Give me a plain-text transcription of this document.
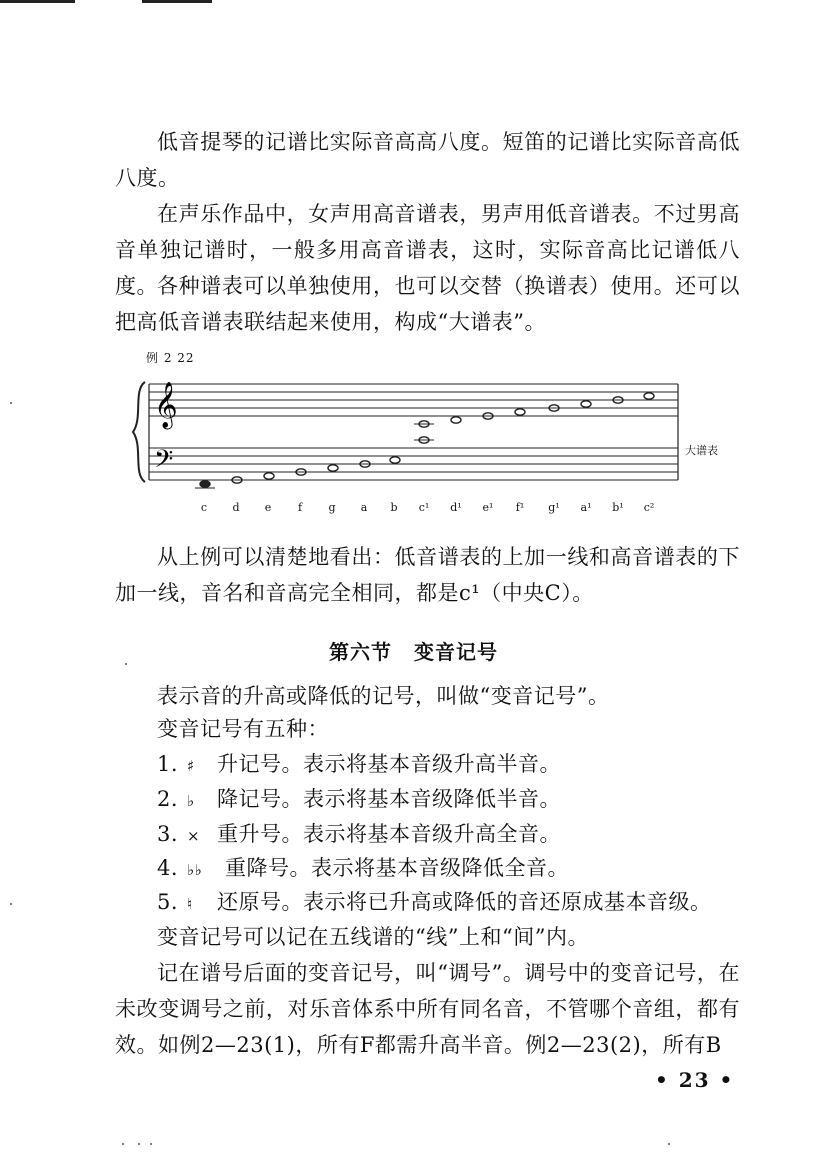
低音提琴的记谱比实际音高高八度。短笛的记谱比实际音高低八度。

在声乐作品中，女声用高音谱表，男声用低音谱表。不过男高音单独记谱时，一般多用高音谱表，这时，实际音高比记谱低八度。 各种谱表可以单独使用，也可以交替（换谱表）使用。还可以把高低音谱表联结起来使用，构成“大谱表”。

例 2 22
𝄞
𝄢	大谱表
c d e f g a b c¹ d¹ e¹ f¹ g¹ a¹ b¹ c²

从上例可以清楚地看出：低音谱表的上加一线和高音谱表的下加一线，音名和音高完全相同，都是c¹（中央C）。

第六节 变音记号

表示音的升高或降低的记号，叫做“变音记号”。

变音记号有五种：

1. ♯ 升记号。表示将基本音级升高半音。
2. ♭ 降记号。表示将基本音级降低半音。
3. × 重升号。表示将基本音级升高全音。
4. ♭♭ 重降号。表示将基本音级降低全音。
5. ♮ 还原号。表示将已升高或降低的音还原成基本音级。

变音记号可以记在五线谱的“线”上和“间”内。

记在谱号后面的变音记号，叫“调号”。调号中的变音记号，在未改变调号之前，对乐音体系中所有同名音，不管哪个音组，都有效。如例2—23(1)，所有F都需升高半音。例2—23(2)，所有B

• 23 •
